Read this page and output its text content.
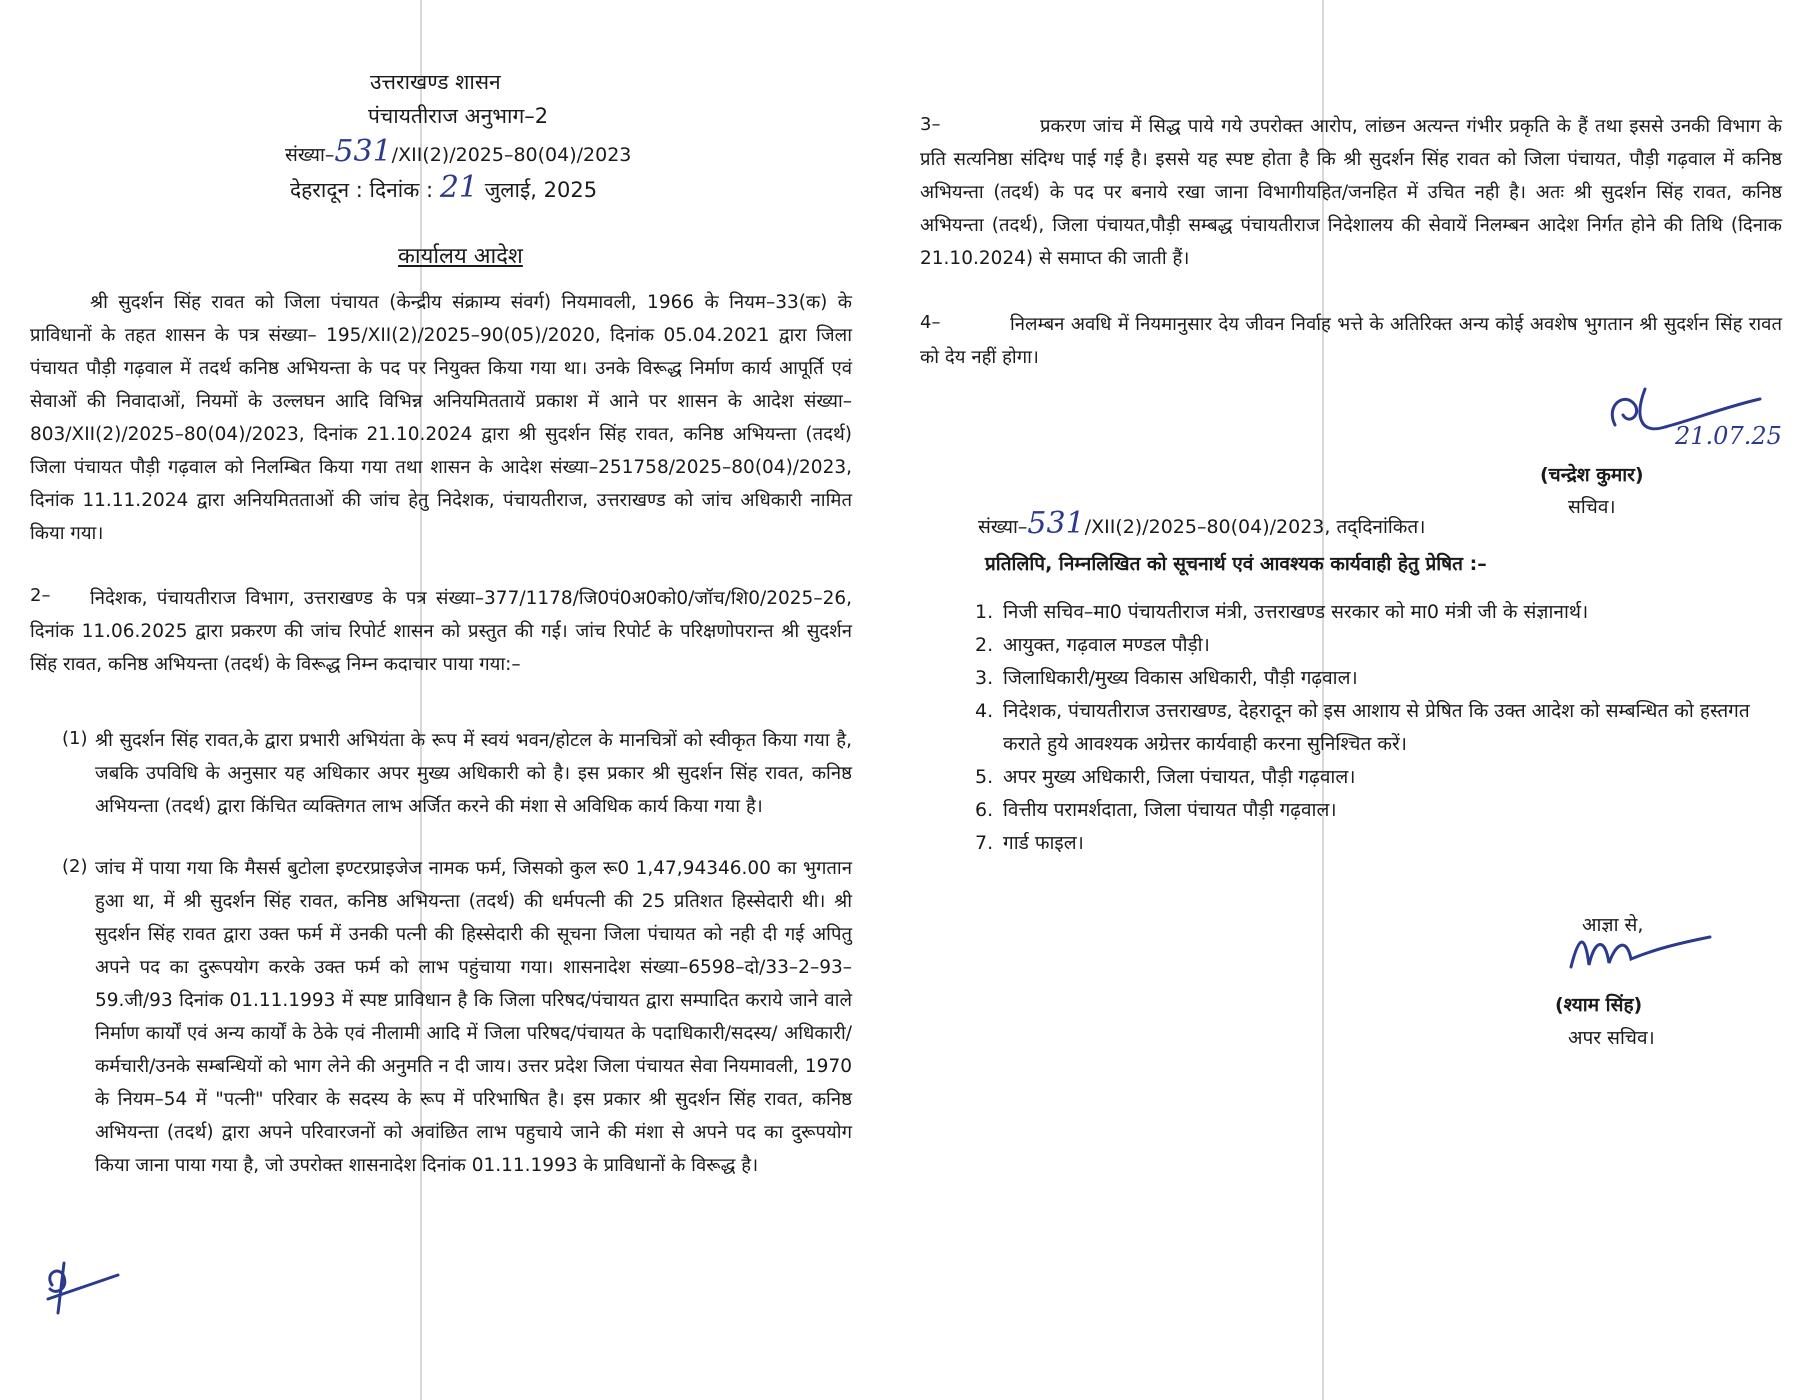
उत्तराखण्ड शासन

पंचायतीराज अनुभाग–2

संख्या–531/XII(2)/2025–80(04)/2023

देहरादून : दिनांक : 21 जुलाई, 2025

कार्यालय आदेश

श्री सुदर्शन सिंह रावत को जिला पंचायत (केन्द्रीय संक्राम्य संवर्ग) नियमावली, 1966 के नियम–33(क) के प्राविधानों के तहत शासन के पत्र संख्या– 195/XII(2)/2025–90(05)/2020, दिनांक 05.04.2021 द्वारा जिला पंचायत पौड़ी गढ़वाल में तदर्थ कनिष्ठ अभियन्ता के पद पर नियुक्त किया गया था। उनके विरूद्ध निर्माण कार्य आपूर्ति एवं सेवाओं की निवादाओं, नियमों के उल्लघन आदि विभिन्न अनियमिततायें प्रकाश में आने पर शासन के आदेश संख्या–803/XII(2)/2025–80(04)/2023, दिनांक 21.10.2024 द्वारा श्री सुदर्शन सिंह रावत, कनिष्ठ अभियन्ता (तदर्थ) जिला पंचायत पौड़ी गढ़वाल को निलम्बित किया गया तथा शासन के आदेश संख्या–251758/2025–80(04)/2023, दिनांक 11.11.2024 द्वारा अनियमितताओं की जांच हेतु निदेशक, पंचायतीराज, उत्तराखण्ड को जांच अधिकारी नामित किया गया।

2–	निदेशक, पंचायतीराज विभाग, उत्तराखण्ड के पत्र संख्या–377/1178/जि0पं0अ0को0/जॉच/शि0/2025–26, दिनांक 11.06.2025 द्वारा प्रकरण की जांच रिपोर्ट शासन को प्रस्तुत की गई। जांच रिपोर्ट के परिक्षणोपरान्त श्री सुदर्शन सिंह रावत, कनिष्ठ अभियन्ता (तदर्थ) के विरूद्ध निम्न कदाचार पाया गया:–

(1) श्री सुदर्शन सिंह रावत,के द्वारा प्रभारी अभियंता के रूप में स्वयं भवन/होटल के मानचित्रों को स्वीकृत किया गया है, जबकि उपविधि के अनुसार यह अधिकार अपर मुख्य अधिकारी को है। इस प्रकार श्री सुदर्शन सिंह रावत, कनिष्ठ अभियन्ता (तदर्थ) द्वारा किंचित व्यक्तिगत लाभ अर्जित करने की मंशा से अविधिक कार्य किया गया है।

(2) जांच में पाया गया कि मैसर्स बुटोला इण्टरप्राइजेज नामक फर्म, जिसको कुल रू0 1,47,94346.00 का भुगतान हुआ था, में श्री सुदर्शन सिंह रावत, कनिष्ठ अभियन्ता (तदर्थ) की धर्मपत्नी की 25 प्रतिशत हिस्सेदारी थी। श्री सुदर्शन सिंह रावत द्वारा उक्त फर्म में उनकी पत्नी की हिस्सेदारी की सूचना जिला पंचायत को नही दी गई अपितु अपने पद का दुरूपयोग करके उक्त फर्म को लाभ पहुंचाया गया। शासनादेश संख्या–6598–दो/33–2–93–59.जी/93 दिनांक 01.11.1993 में स्पष्ट प्राविधान है कि जिला परिषद/पंचायत द्वारा सम्पादित कराये जाने वाले निर्माण कार्यों एवं अन्य कार्यों के ठेके एवं नीलामी आदि में जिला परिषद/पंचायत के पदाधिकारी/सदस्य/ अधिकारी/कर्मचारी/उनके सम्बन्धियों को भाग लेने की अनुमति न दी जाय। उत्तर प्रदेश जिला पंचायत सेवा नियमावली, 1970 के नियम–54 में "पत्नी" परिवार के सदस्य के रूप में परिभाषित है। इस प्रकार श्री सुदर्शन सिंह रावत, कनिष्ठ अभियन्ता (तदर्थ) द्वारा अपने परिवारजनों को अवांछित लाभ पहुचाये जाने की मंशा से अपने पद का दुरूपयोग किया जाना पाया गया है, जो उपरोक्त शासनादेश दिनांक 01.11.1993 के प्राविधानों के विरूद्ध है।

3–	प्रकरण जांच में सिद्ध पाये गये उपरोक्त आरोप, लांछन अत्यन्त गंभीर प्रकृति के हैं तथा इससे उनकी विभाग के प्रति सत्यनिष्ठा संदिग्ध पाई गई है। इससे यह स्पष्ट होता है कि श्री सुदर्शन सिंह रावत को जिला पंचायत, पौड़ी गढ़वाल में कनिष्ठ अभियन्ता (तदर्थ) के पद पर बनाये रखा जाना विभागीयहित/जनहित में उचित नही है। अतः श्री सुदर्शन सिंह रावत, कनिष्ठ अभियन्ता (तदर्थ), जिला पंचायत,पौड़ी सम्बद्ध पंचायतीराज निदेशालय की सेवायें निलम्बन आदेश निर्गत होने की तिथि (दिनाक 21.10.2024) से समाप्त की जाती हैं।

4–	निलम्बन अवधि में नियमानुसार देय जीवन निर्वाह भत्ते के अतिरिक्त अन्य कोई अवशेष भुगतान श्री सुदर्शन सिंह रावत को देय नहीं होगा।

21.07.25

(चन्द्रेश कुमार)

सचिव।

संख्या–531/XII(2)/2025–80(04)/2023, तद्‌दिनांकित।

प्रतिलिपि, निम्नलिखित को सूचनार्थ एवं आवश्यक कार्यवाही हेतु प्रेषित :–

1. निजी सचिव–मा0 पंचायतीराज मंत्री, उत्तराखण्ड सरकार को मा0 मंत्री जी के संज्ञानार्थ।
2. आयुक्त, गढ़वाल मण्डल पौड़ी।
3. जिलाधिकारी/मुख्य विकास अधिकारी, पौड़ी गढ़वाल।
4. निदेशक, पंचायतीराज उत्तराखण्ड, देहरादून को इस आशाय से प्रेषित कि उक्त आदेश को सम्बन्धित को हस्तगत कराते हुये आवश्यक अग्रेत्तर कार्यवाही करना सुनिश्चित करें।
5. अपर मुख्य अधिकारी, जिला पंचायत, पौड़ी गढ़वाल।
6. वित्तीय परामर्शदाता, जिला पंचायत पौड़ी गढ़वाल।
7. गार्ड फाइल।

आज्ञा से,

(श्याम सिंह)

अपर सचिव।
